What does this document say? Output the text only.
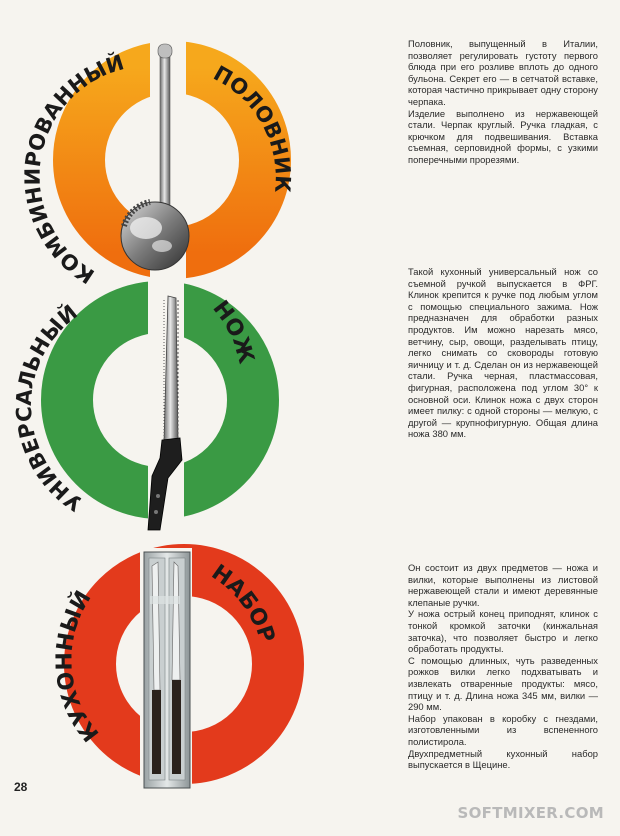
КОМБИНИРОВАННЫЙ	ПОЛОВНИК
УНИВЕРСАЛЬНЫЙ	НОЖ
КУХОННЫЙ
НАБОР

Половник, выпущенный в Италии, позволяет регулировать густоту первого блюда при его розливе вплоть до одного бульона. Секрет его — в сетчатой вставке, которая частично прикрывает одну сторону черпака.

Изделие выполнено из нержавеющей стали. Черпак круглый. Ручка гладкая, с крючком для подвешивания. Вставка съемная, серповидной формы, с узкими поперечными прорезями.

Такой кухонный универсальный нож со съемной ручкой выпускается в ФРГ. Клинок крепится к ручке под любым углом с помощью специального зажима. Нож предназначен для обработки разных продуктов. Им можно нарезать мясо, ветчину, сыр, овощи, разделывать птицу, легко снимать со сковороды готовую яичницу и т. д. Сделан он из нержавеющей стали. Ручка черная, пластмассовая, фигурная, расположена под углом 30° к основной оси. Клинок ножа с двух сторон имеет пилку: с одной стороны — мелкую, с другой — крупнофигурную. Общая длина ножа 380 мм.

Он состоит из двух предметов — ножа и вилки, которые выполнены из листовой нержавеющей стали и имеют деревянные клепаные ручки.

У ножа острый конец приподнят, клинок с тонкой кромкой заточки (кинжальная заточка), что позволяет быстро и легко обработать продукты.

С помощью длинных, чуть разведенных рожков вилки легко подхватывать и извлекать отваренные продукты: мясо, птицу и т. д. Длина ножа 345 мм, вилки — 290 мм.

Набор упакован в коробку с гнездами, изготовленными из вспененного полистирола.

Двухпредметный кухонный набор выпускается в Щецине.

28
SOFTMIXER.COM
